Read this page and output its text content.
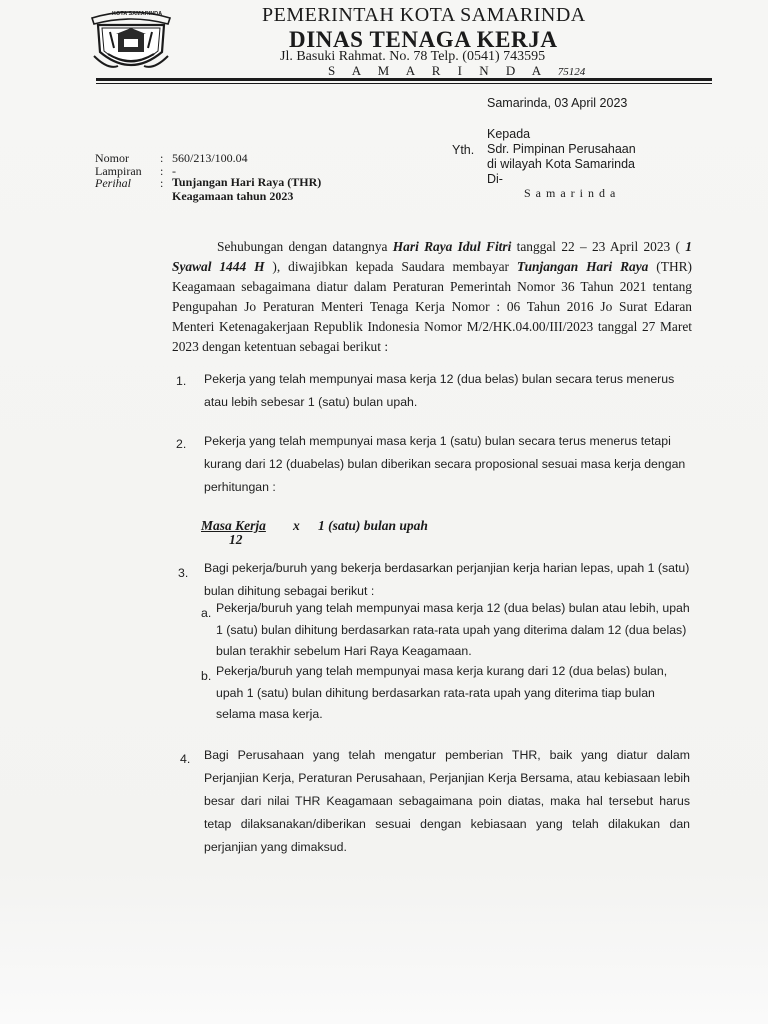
KOTA SAMARINDA	PEMERINTAH KOTA SAMARINDA
DINAS TENAGA KERJA
Jl. Basuki Rahmat. No. 78 Telp. (0541) 743595
S A M A R I N D A 75124
Samarinda, 03 April 2023
Kepada
Yth. Sdr. Pimpinan Perusahaan
di wilayah Kota Samarinda
Di-
S a m a r i n d a
Nomor	: 560/213/100.04
Lampiran : -
Perihal : Tunjangan Hari Raya (THR)
Keagamaan tahun 2023

Sehubungan dengan datangnya Hari Raya Idul Fitri tanggal 22 – 23 April 2023 ( 1 Syawal 1444 H ), diwajibkan kepada Saudara membayar Tunjangan Hari Raya (THR) Keagamaan sebagaimana diatur dalam Peraturan Pemerintah Nomor 36 Tahun 2021 tentang Pengupahan Jo Peraturan Menteri Tenaga Kerja Nomor : 06 Tahun 2016 Jo Surat Edaran Menteri Ketenagakerjaan Republik Indonesia Nomor M/2/HK.04.00/III/2023 tanggal 27 Maret 2023 dengan ketentuan sebagai berikut :

1. Pekerja yang telah mempunyai masa kerja 12 (dua belas) bulan secara terus menerus atau lebih sebesar 1 (satu) bulan upah.

2. Pekerja yang telah mempunyai masa kerja 1 (satu) bulan secara terus menerus tetapi kurang dari 12 (duabelas) bulan diberikan secara proposional sesuai masa kerja dengan perhitungan :

Masa Kerja x 1 (satu) bulan upah
12
3. Bagi pekerja/buruh yang bekerja berdasarkan perjanjian kerja harian lepas, upah 1 (satu) bulan dihitung sebagai berikut :

a. Pekerja/buruh yang telah mempunyai masa kerja 12 (dua belas) bulan atau lebih, upah 1 (satu) bulan dihitung berdasarkan rata-rata upah yang diterima dalam 12 (dua belas) bulan terakhir sebelum Hari Raya Keagamaan.

b. Pekerja/buruh yang telah mempunyai masa kerja kurang dari 12 (dua belas) bulan, upah 1 (satu) bulan dihitung berdasarkan rata-rata upah yang diterima tiap bulan selama masa kerja.

4. Bagi Perusahaan yang telah mengatur pemberian THR, baik yang diatur dalam Perjanjian Kerja, Peraturan Perusahaan, Perjanjian Kerja Bersama, atau kebiasaan lebih besar dari nilai THR Keagamaan sebagaimana poin diatas, maka hal tersebut harus tetap dilaksanakan/diberikan sesuai dengan kebiasaan yang telah dilakukan dan perjanjian yang dimaksud.
